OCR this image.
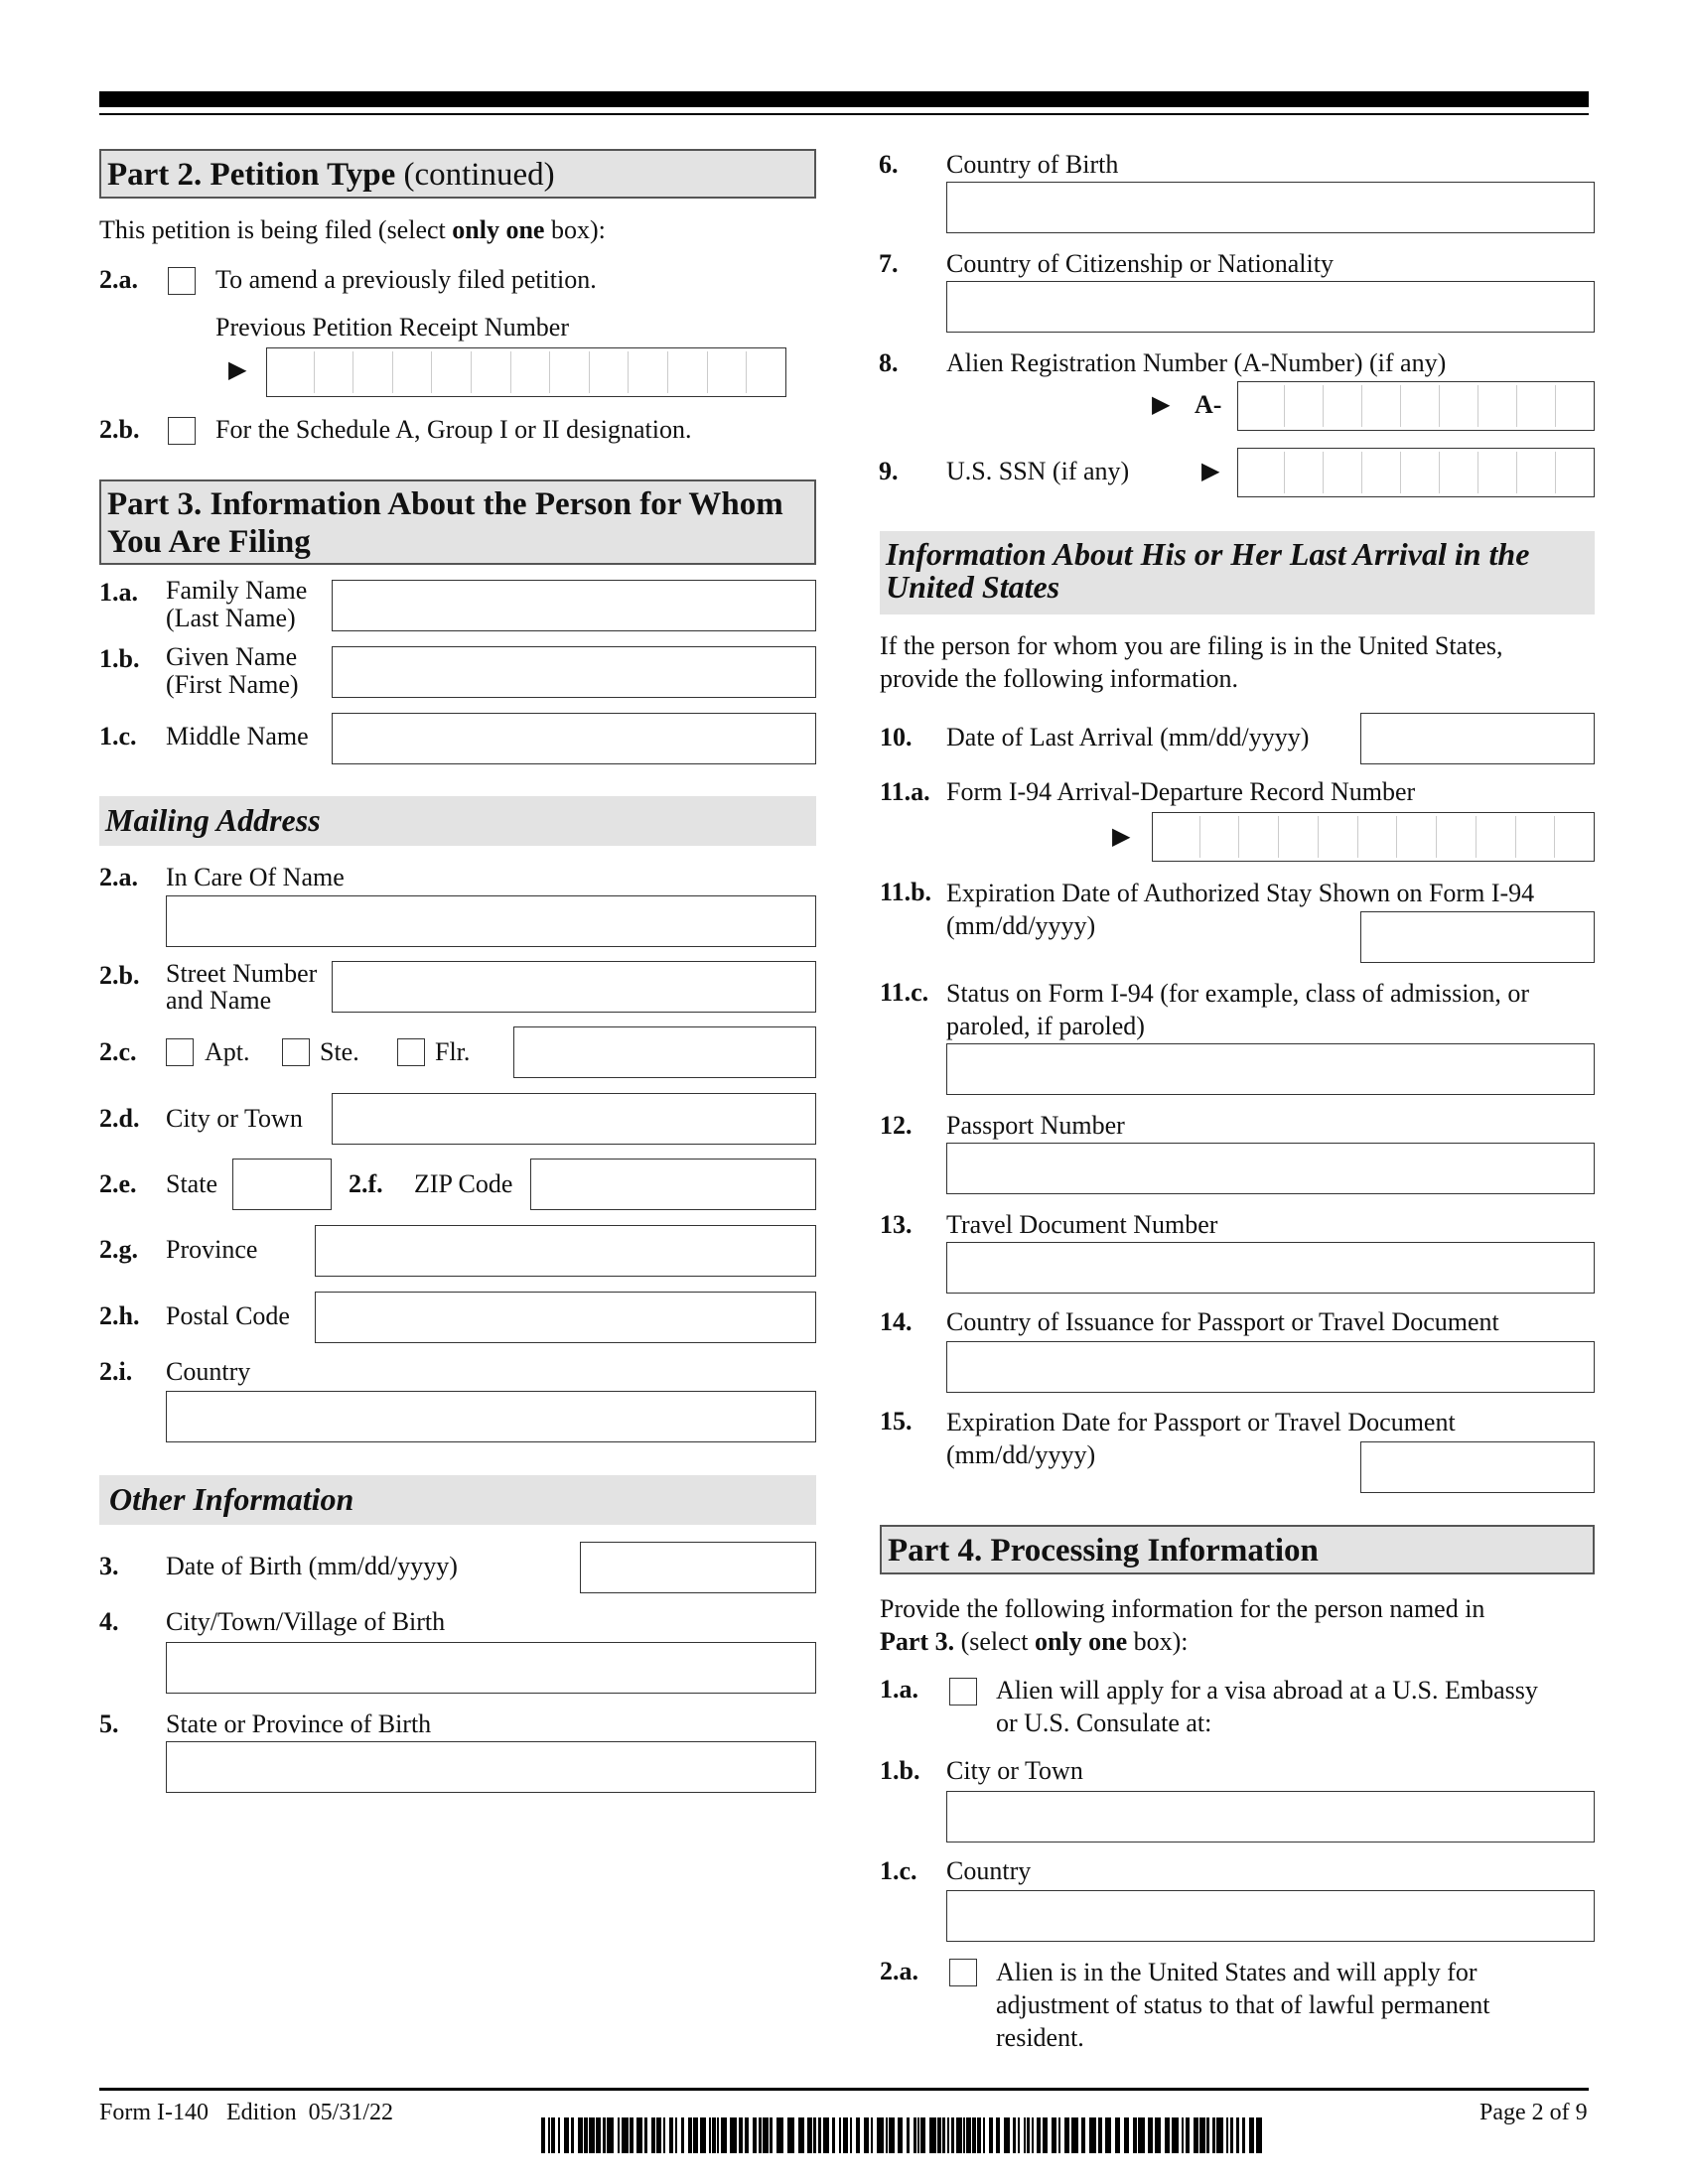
Part 2. Petition Type (continued)
This petition is being filed (select only one box):
2.a.	To amend a previously filed petition.
Previous Petition Receipt Number
▶
2.b.	For the Schedule A, Group I or II designation.
Part 3. Information About the Person for Whom
You Are Filing
1.a. Family Name
(Last Name)
1.b. Given Name
(First Name)
1.c. Middle Name
Mailing Address
2.a. In Care Of Name
2.b. Street Number
and Name
2.c.	Apt.	Ste.	Flr.
2.d. City or Town
2.e. State	2.f. ZIP Code
2.g. Province
2.h. Postal Code
2.i. Country
Other Information
3. Date of Birth (mm/dd/yyyy)
4. City/Town/Village of Birth
5. State or Province of Birth
6. Country of Birth
7. Country of Citizenship or Nationality
8. Alien Registration Number (A-Number) (if any)
▶ A-
9. U.S. SSN (if any)	▶
Information About His or Her Last Arrival in the
United States
If the person for whom you are filing is in the United States,
provide the following information.
10. Date of Last Arrival (mm/dd/yyyy)
11.a. Form I-94 Arrival-Departure Record Number
▶
11.b. Expiration Date of Authorized Stay Shown on Form I-94
(mm/dd/yyyy)
11.c. Status on Form I-94 (for example, class of admission, or
paroled, if paroled)
12. Passport Number
13. Travel Document Number
14. Country of Issuance for Passport or Travel Document
15. Expiration Date for Passport or Travel Document
(mm/dd/yyyy)
Part 4. Processing Information
Provide the following information for the person named in
Part 3. (select only one box):
1.a.	Alien will apply for a visa abroad at a U.S. Embassy
or U.S. Consulate at:
1.b. City or Town
1.c. Country
2.a.	Alien is in the United States and will apply for
adjustment of status to that of lawful permanent
resident.
Form I-140   Edition  05/31/22	Page 2 of 9
